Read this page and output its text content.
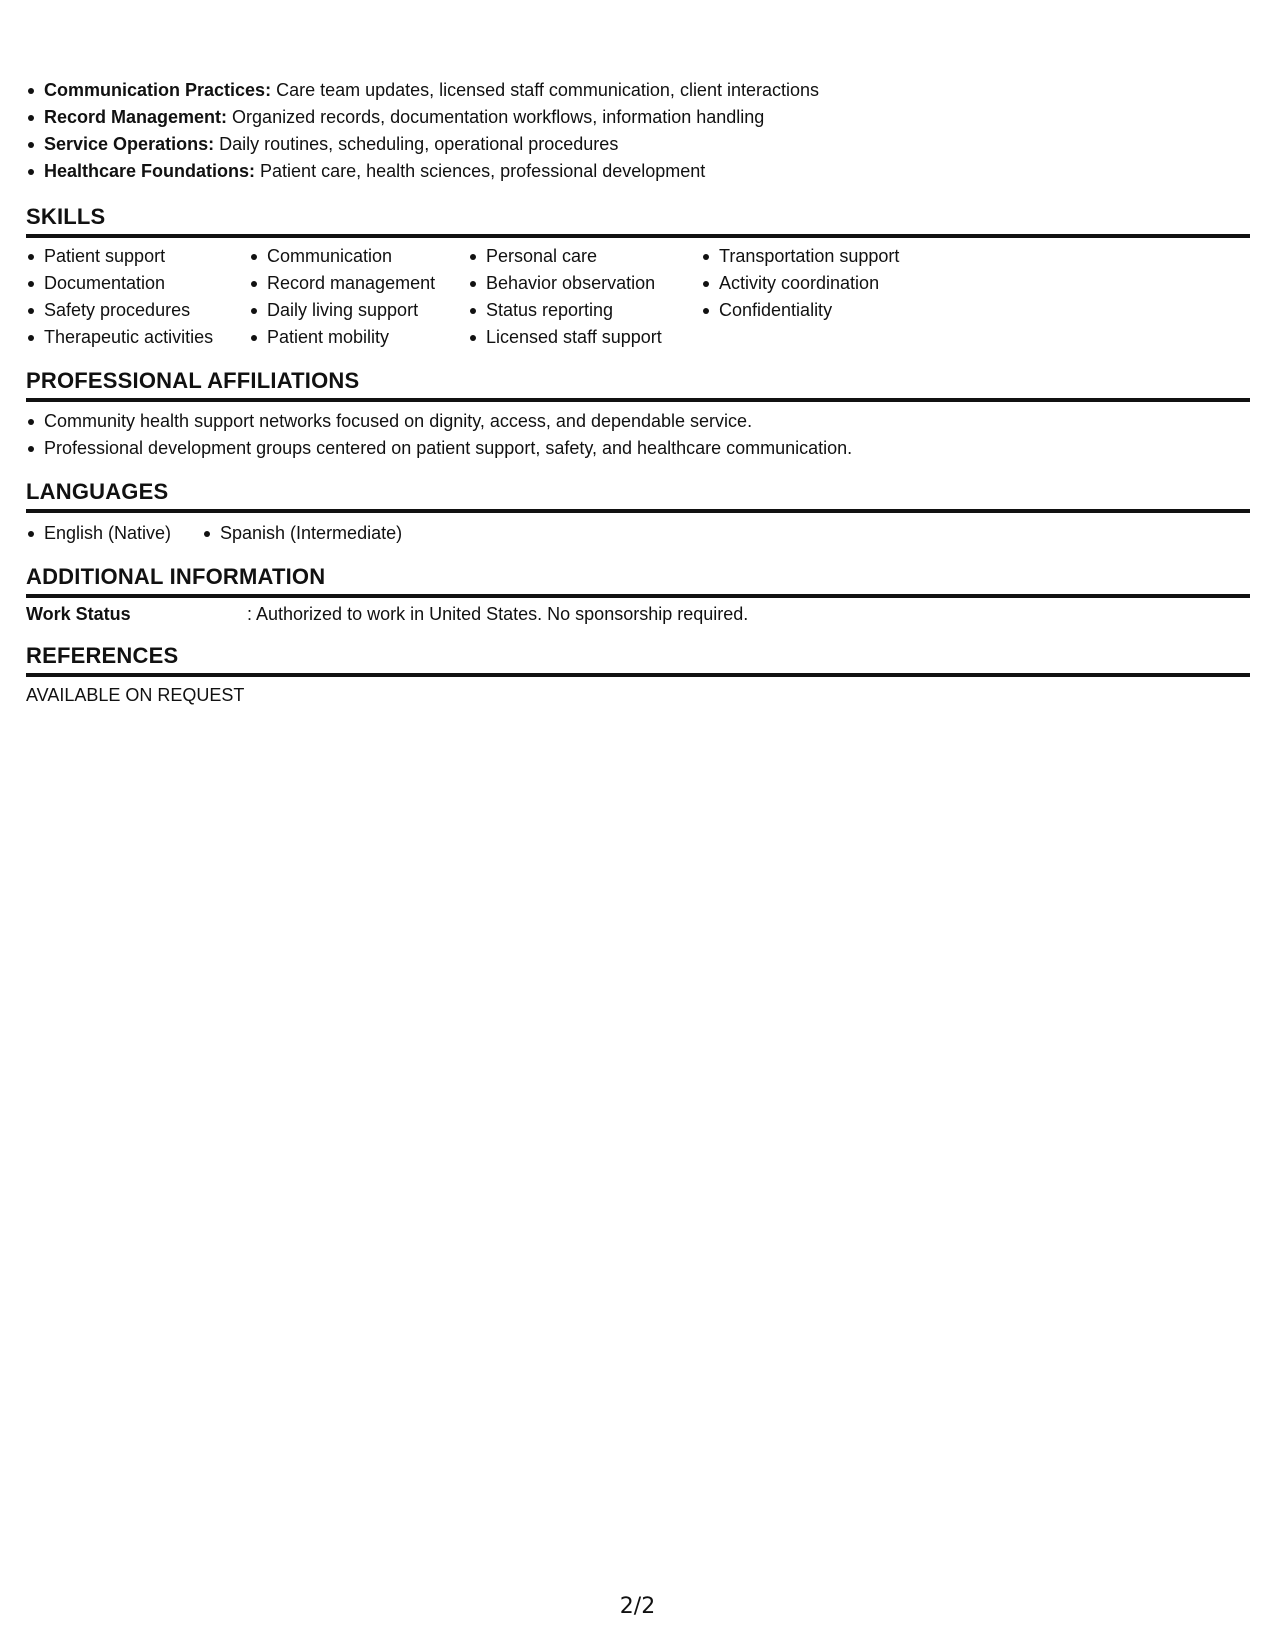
Communication Practices: Care team updates, licensed staff communication, client interactions
Record Management: Organized records, documentation workflows, information handling
Service Operations: Daily routines, scheduling, operational procedures
Healthcare Foundations: Patient care, health sciences, professional development
SKILLS
Patient support
Documentation
Safety procedures
Therapeutic activities
Communication
Record management
Daily living support
Patient mobility
Personal care
Behavior observation
Status reporting
Licensed staff support
Transportation support
Activity coordination
Confidentiality
PROFESSIONAL AFFILIATIONS
Community health support networks focused on dignity, access, and dependable service.
Professional development groups centered on patient support, safety, and healthcare communication.
LANGUAGES
English (Native)	Spanish (Intermediate)
ADDITIONAL INFORMATION
Work Status	: Authorized to work in United States. No sponsorship required.
REFERENCES
AVAILABLE ON REQUEST
2/2
